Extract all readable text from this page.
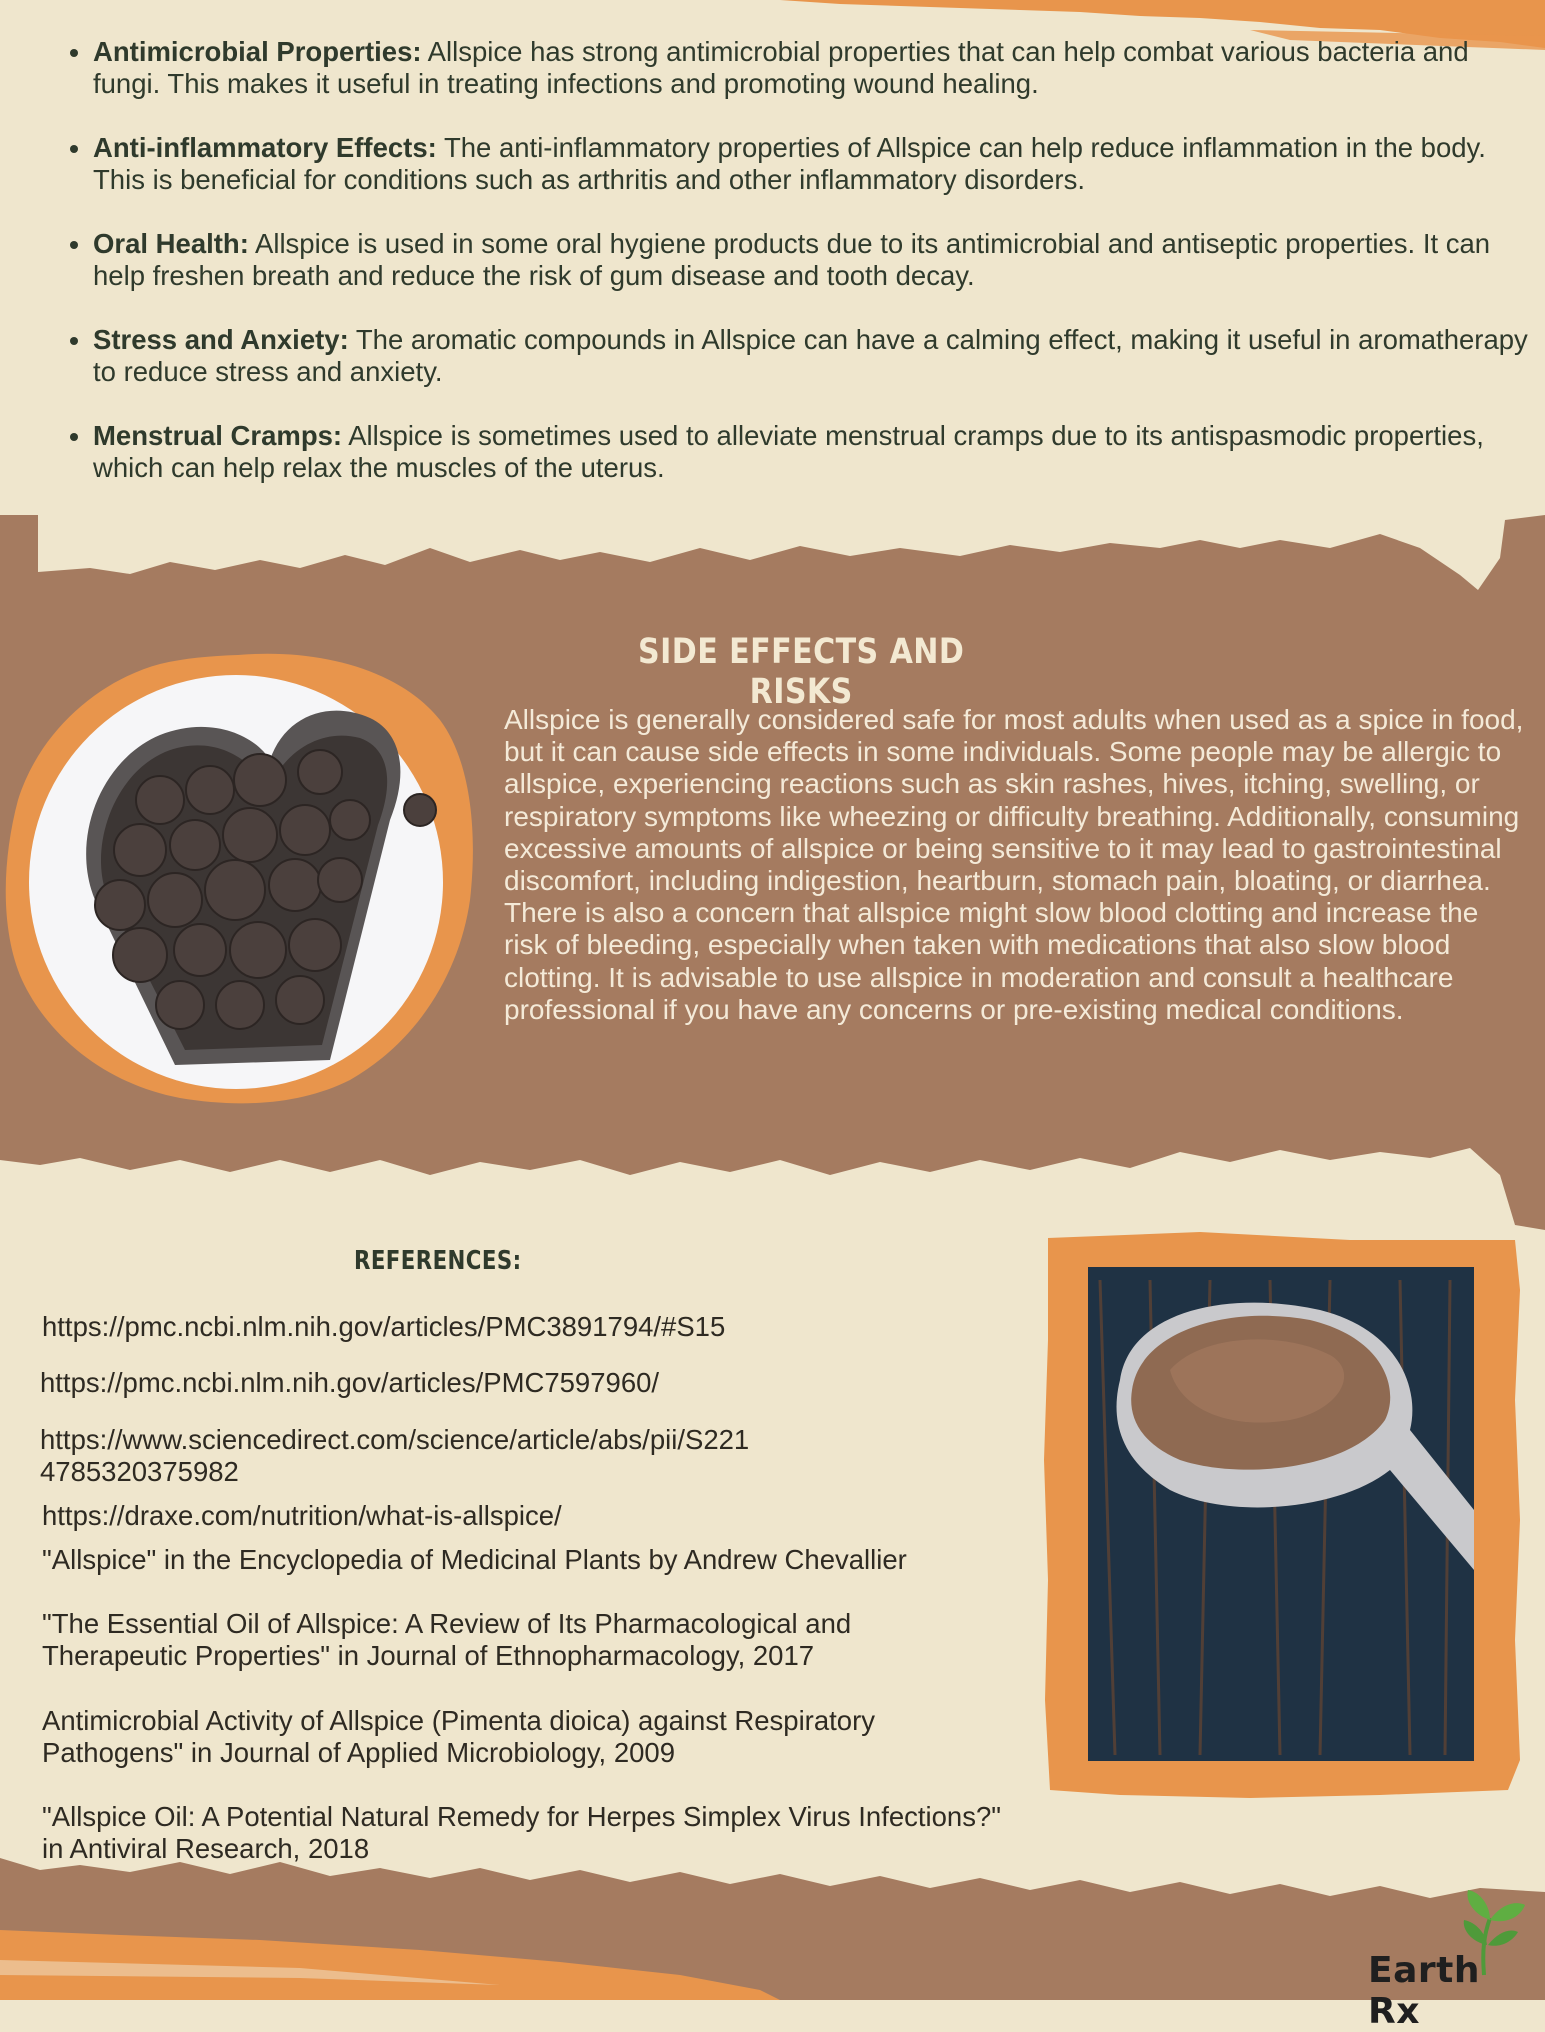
• Antimicrobial Properties: Allspice has strong antimicrobial properties that can help combat various bacteria and fungi. This makes it useful in treating infections and promoting wound healing.
• Anti-inflammatory Effects: The anti-inflammatory properties of Allspice can help reduce inflammation in the body. This is beneficial for conditions such as arthritis and other inflammatory disorders.
• Oral Health: Allspice is used in some oral hygiene products due to its antimicrobial and antiseptic properties. It can help freshen breath and reduce the risk of gum disease and tooth decay.
• Stress and Anxiety: The aromatic compounds in Allspice can have a calming effect, making it useful in aromatherapy to reduce stress and anxiety.
• Menstrual Cramps: Allspice is sometimes used to alleviate menstrual cramps due to its antispasmodic properties, which can help relax the muscles of the uterus.
SIDE EFFECTS AND RISKS
Allspice is generally considered safe for most adults when used as a spice in food, but it can cause side effects in some individuals. Some people may be allergic to allspice, experiencing reactions such as skin rashes, hives, itching, swelling, or respiratory symptoms like wheezing or difficulty breathing. Additionally, consuming excessive amounts of allspice or being sensitive to it may lead to gastrointestinal discomfort, including indigestion, heartburn, stomach pain, bloating, or diarrhea. There is also a concern that allspice might slow blood clotting and increase the risk of bleeding, especially when taken with medications that also slow blood clotting. It is advisable to use allspice in moderation and consult a healthcare professional if you have any concerns or pre-existing medical conditions.
REFERENCES:
https://pmc.ncbi.nlm.nih.gov/articles/PMC3891794/#S15
https://pmc.ncbi.nlm.nih.gov/articles/PMC7597960/
https://www.sciencedirect.com/science/article/abs/pii/S221
4785320375982
https://draxe.com/nutrition/what-is-allspice/
"Allspice" in the Encyclopedia of Medicinal Plants by Andrew Chevallier
"The Essential Oil of Allspice: A Review of Its Pharmacological and Therapeutic Properties" in Journal of Ethnopharmacology, 2017
Antimicrobial Activity of Allspice (Pimenta dioica) against Respiratory Pathogens" in Journal of Applied Microbiology, 2009
"Allspice Oil: A Potential Natural Remedy for Herpes Simplex Virus Infections?" in Antiviral Research, 2018
EarthRx
